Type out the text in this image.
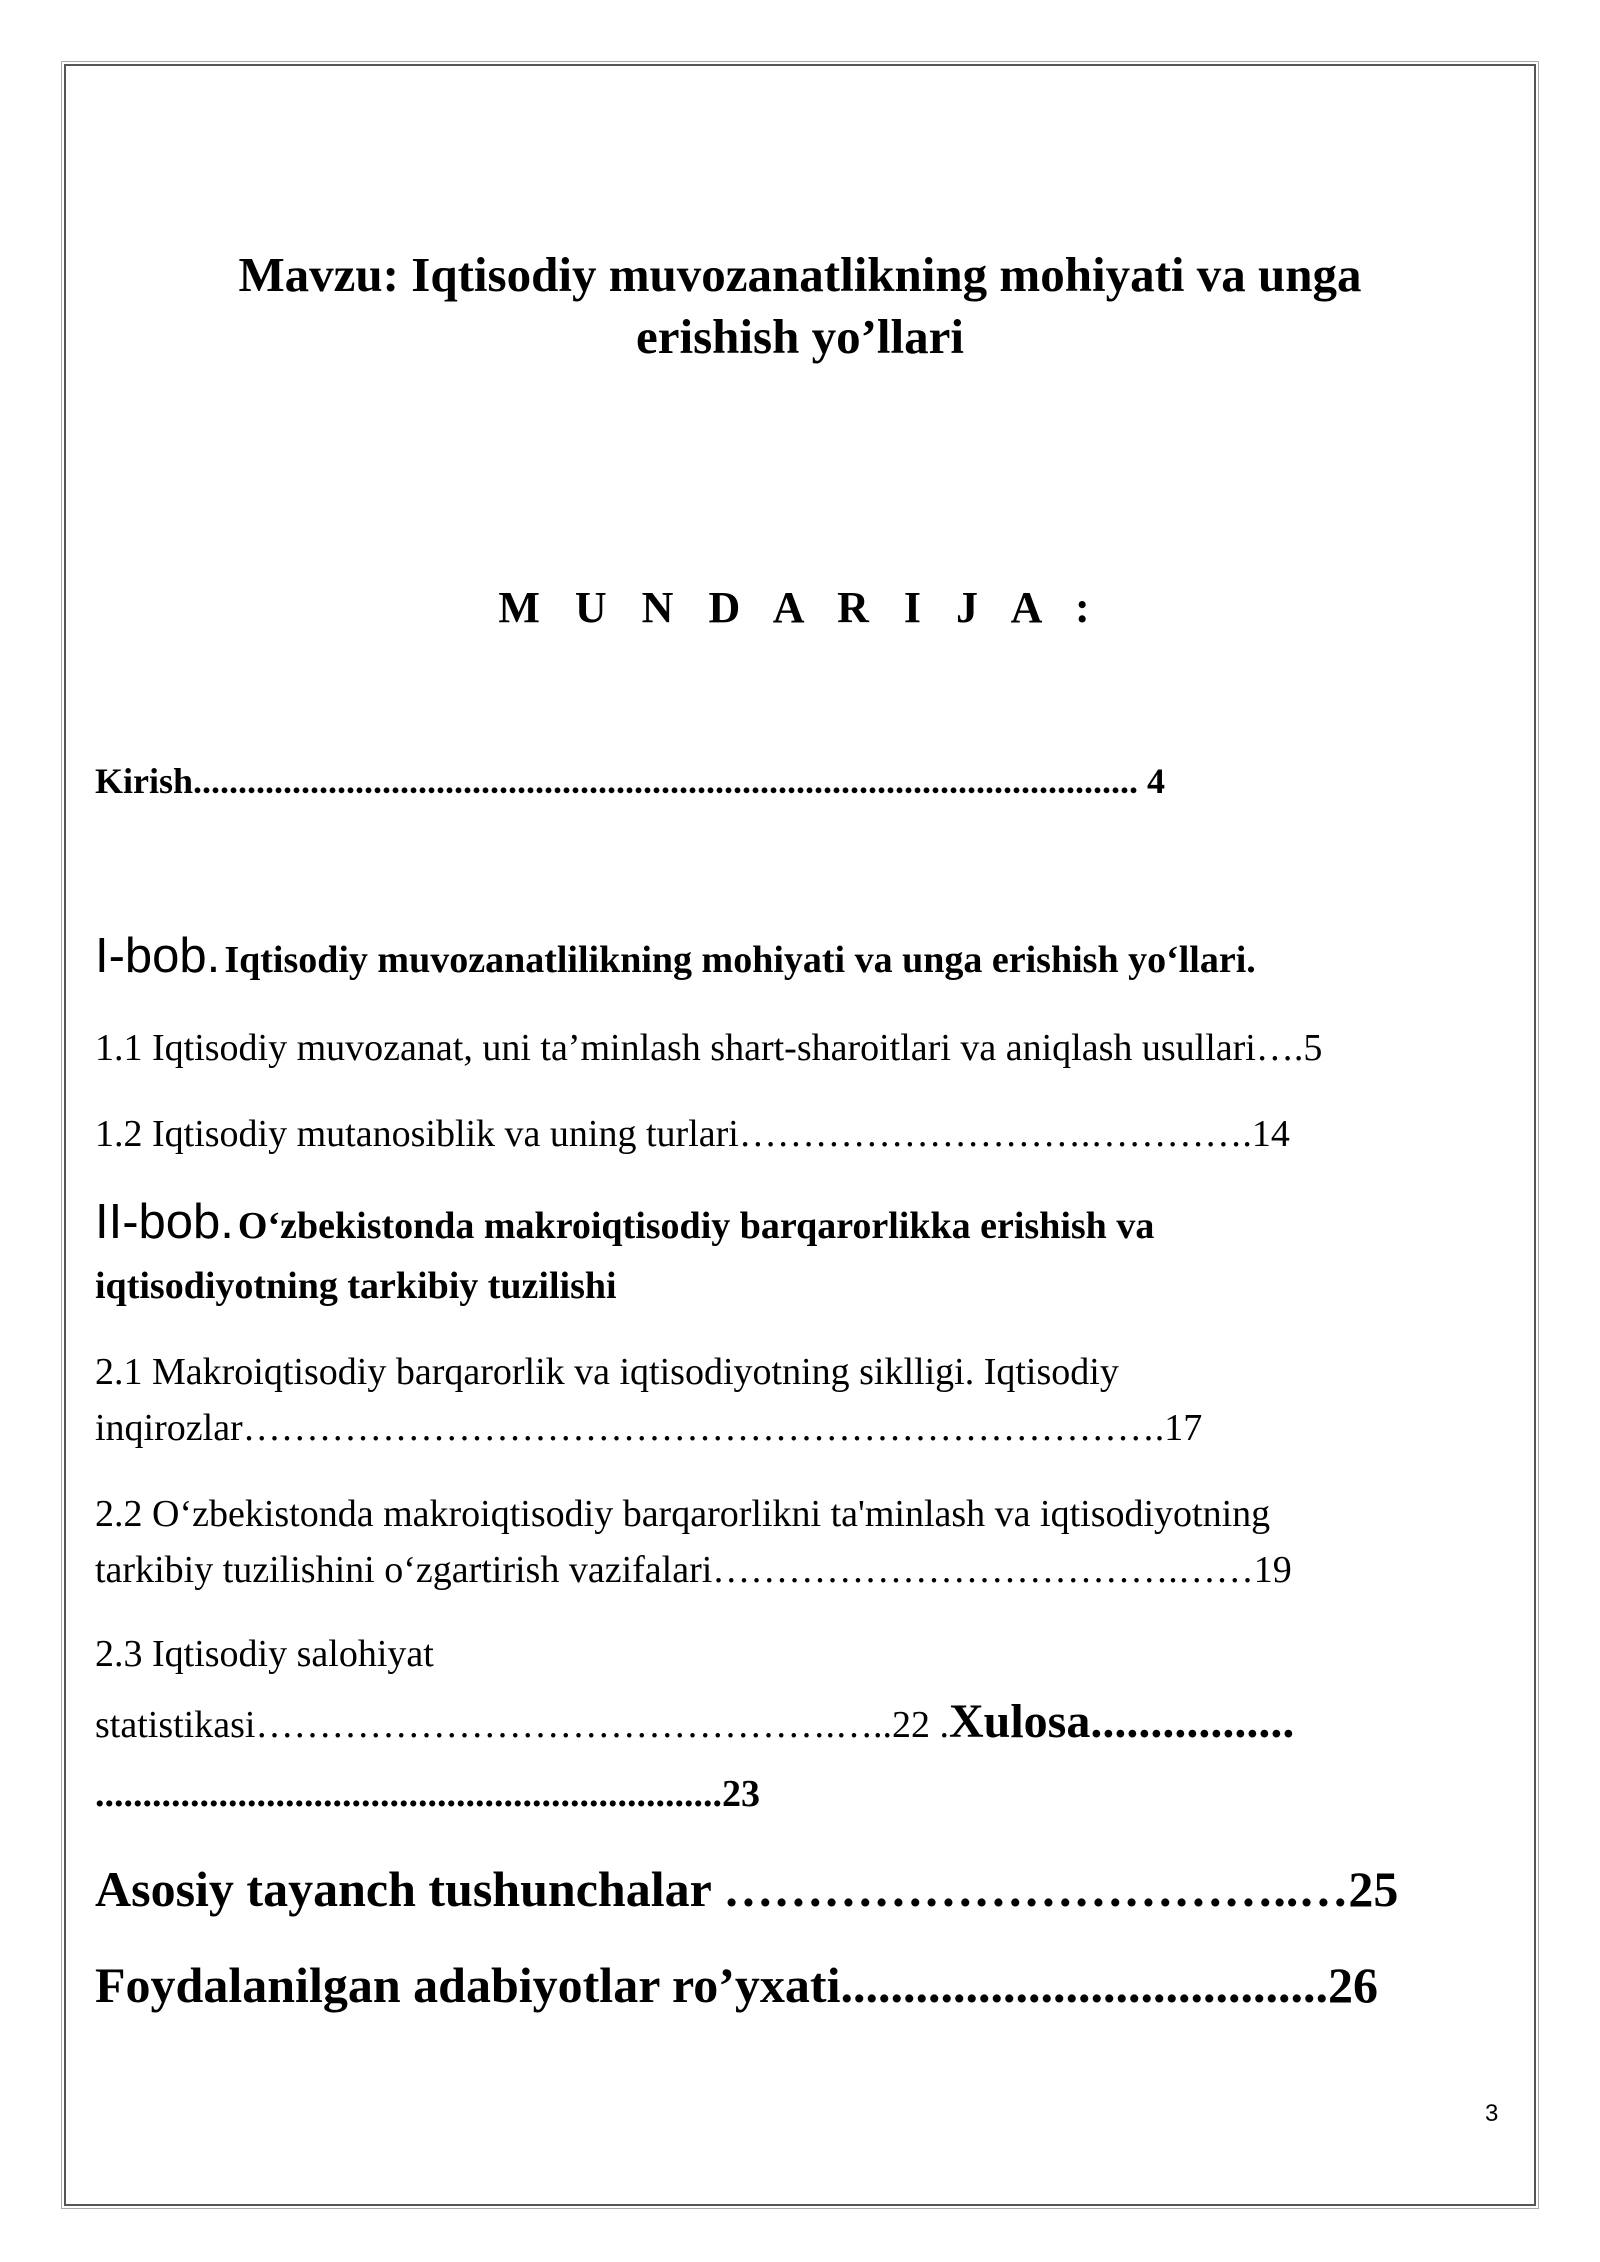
Mavzu: Iqtisodiy muvozanatlikning mohiyati va unga
erishish yo’llari
M U N D A R I J A :
Kirish......................................................................................................... 4
I-bob. Iqtisodiy muvozanatlilikning mohiyati va unga erishish yo‘llari.
1.1 Iqtisodiy muvozanat, uni ta’minlash shart-sharoitlari va aniqlash usullari….5
1.2 Iqtisodiy mutanosiblik va uning turlari……………………….………….14
II-bob. O‘zbekistonda makroiqtisodiy barqarorlikka erishish va
iqtisodiyotning tarkibiy tuzilishi
2.1 Makroiqtisodiy barqarorlik va iqtisodiyotning siklligi. Iqtisodiy
inqirozlar……………………………………………………………….17
2.2 O‘zbekistonda makroiqtisodiy barqarorlikni ta'minlash va iqtisodiyotning
tarkibiy tuzilishini o‘zgartirish vazifalari……………………………….……19
2.3 Iqtisodiy salohiyat
statistikasi……………………………………….…..22 .Xulosa.................
..................................................................23
Asosiy tayanch tushunchalar ……………………………..…25
Foydalanilgan adabiyotlar ro’yxati.......................................26
3
